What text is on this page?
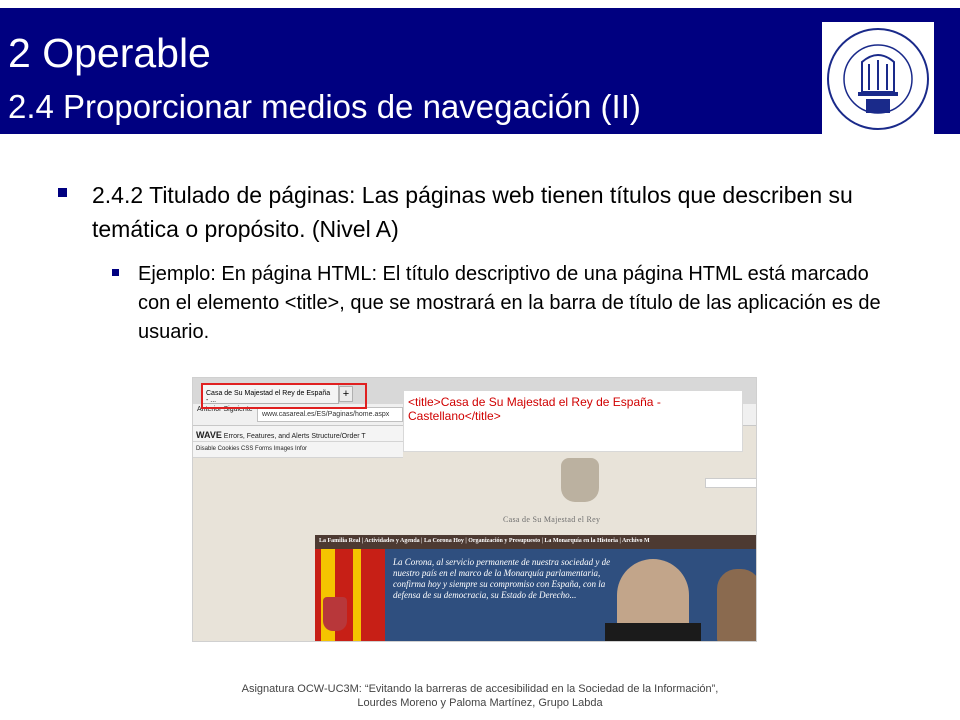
2 Operable
2.4 Proporcionar medios de navegación (II)
2.4.2 Titulado de páginas: Las páginas web tienen títulos que describen su temática o propósito. (Nivel A)
Ejemplo: En página HTML: El título descriptivo de una página HTML está marcado con el elemento <title>, que se mostrará en la barra de título de las aplicación es de usuario.
Casa de Su Majestad el Rey de España - ...
+
Anterior Siguiente
www.casareal.es/ES/Paginas/home.aspx
WAVE Errors, Features, and Alerts Structure/Order T
Disable Cookies CSS Forms Images Infor
<title>Casa de Su Majestad el Rey de España - Castellano</title>
Casa de Su Majestad el Rey
La Familia Real | Actividades y Agenda | La Corona Hoy | Organización y Presupuesto | La Monarquía en la Historia | Archivo M
La Corona, al servicio permanente de nuestra sociedad y de nuestro país en el marco de la Monarquía parlamentaria, confirma hoy y siempre su compromiso con España, con la defensa de su democracia, su Estado de Derecho...
Asignatura OCW-UC3M: “Evitando la barreras de accesibilidad en la Sociedad de la Información”,
Lourdes Moreno y Paloma Martínez, Grupo Labda
